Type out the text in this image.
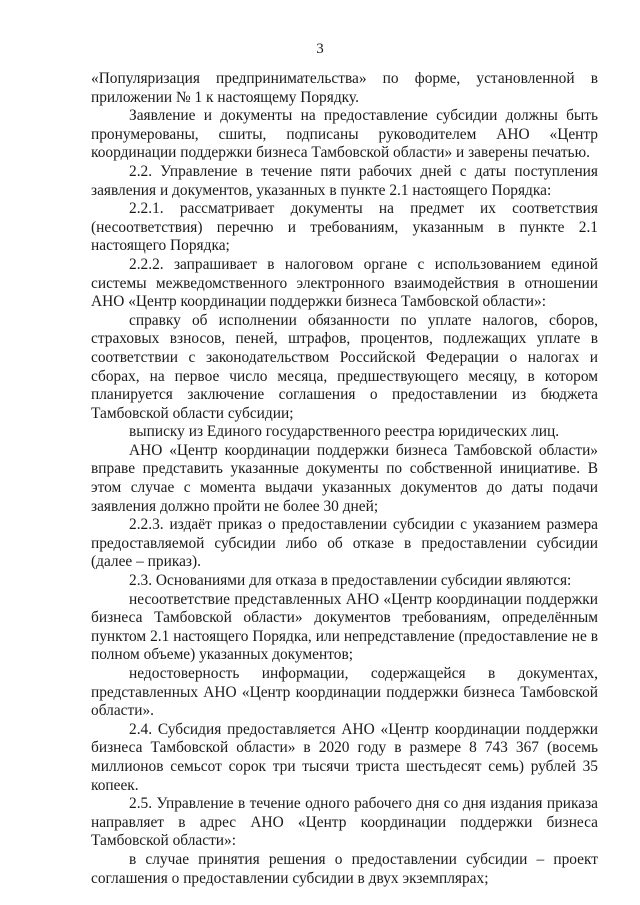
3

«Популяризация предпринимательства» по форме, установленной в приложении № 1 к настоящему Порядку.

Заявление и документы на предоставление субсидии должны быть пронумерованы, сшиты, подписаны руководителем АНО «Центр координации поддержки бизнеса Тамбовской области» и заверены печатью.

2.2. Управление в течение пяти рабочих дней с даты поступления заявления и документов, указанных в пункте 2.1 настоящего Порядка:

2.2.1. рассматривает документы на предмет их соответствия (несоответствия) перечню и требованиям, указанным в пункте 2.1 настоящего Порядка;

2.2.2. запрашивает в налоговом органе с использованием единой системы межведомственного электронного взаимодействия в отношении АНО «Центр координации поддержки бизнеса Тамбовской области»:

справку об исполнении обязанности по уплате налогов, сборов, страховых взносов, пеней, штрафов, процентов, подлежащих уплате в соответствии с законодательством Российской Федерации о налогах и сборах, на первое число месяца, предшествующего месяцу, в котором планируется заключение соглашения о предоставлении из бюджета Тамбовской области субсидии;

выписку из Единого государственного реестра юридических лиц.

АНО «Центр координации поддержки бизнеса Тамбовской области» вправе представить указанные документы по собственной инициативе. В этом случае с момента выдачи указанных документов до даты подачи заявления должно пройти не более 30 дней;

2.2.3. издаёт приказ о предоставлении субсидии с указанием размера предоставляемой субсидии либо об отказе в предоставлении субсидии (далее – приказ).

2.3. Основаниями для отказа в предоставлении субсидии являются:

несоответствие представленных АНО «Центр координации поддержки бизнеса Тамбовской области» документов требованиям, определённым пунктом 2.1 настоящего Порядка, или непредставление (предоставление не в полном объеме) указанных документов;

недостоверность информации, содержащейся в документах, представленных АНО «Центр координации поддержки бизнеса Тамбовской области».

2.4. Субсидия предоставляется АНО «Центр координации поддержки бизнеса Тамбовской области» в 2020 году в размере 8 743 367 (восемь миллионов семьсот сорок три тысячи триста шестьдесят семь) рублей 35 копеек.

2.5. Управление в течение одного рабочего дня со дня издания приказа направляет в адрес АНО «Центр координации поддержки бизнеса Тамбовской области»:

в случае принятия решения о предоставлении субсидии – проект соглашения о предоставлении субсидии в двух экземплярах;
